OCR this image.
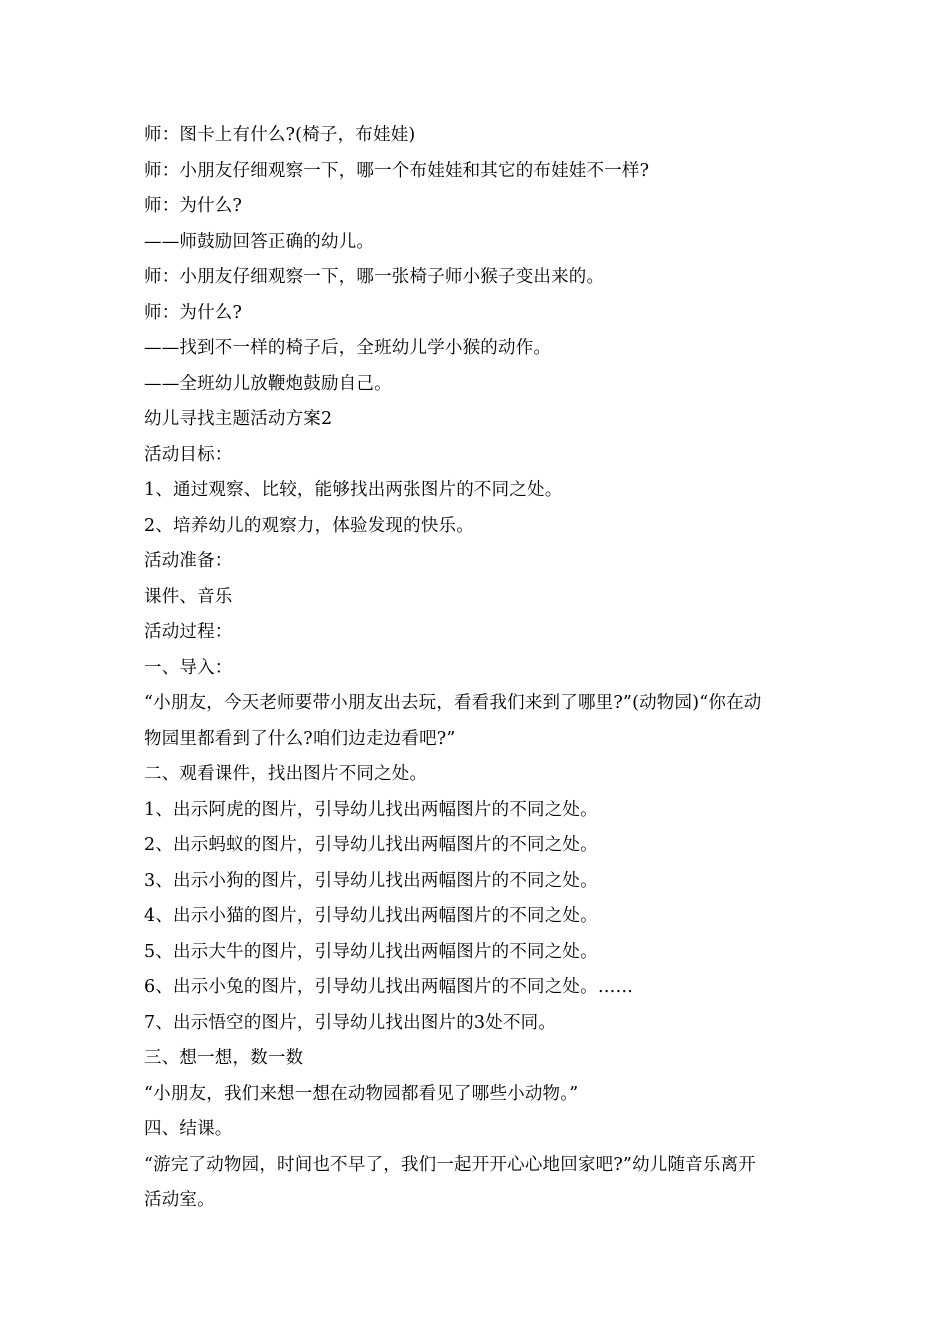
师：图卡上有什么?(椅子，布娃娃)
师：小朋友仔细观察一下，哪一个布娃娃和其它的布娃娃不一样?
师：为什么?
——师鼓励回答正确的幼儿。
师：小朋友仔细观察一下，哪一张椅子师小猴子变出来的。
师：为什么?
——找到不一样的椅子后，全班幼儿学小猴的动作。
——全班幼儿放鞭炮鼓励自己。
幼儿寻找主题活动方案2
活动目标：
1、通过观察、比较，能够找出两张图片的不同之处。
2、培养幼儿的观察力，体验发现的快乐。
活动准备：
课件、音乐
活动过程：
一、导入：
“小朋友，今天老师要带小朋友出去玩，看看我们来到了哪里?”(动物园)“你在动
物园里都看到了什么?咱们边走边看吧?”
二、观看课件，找出图片不同之处。
1、出示阿虎的图片，引导幼儿找出两幅图片的不同之处。
2、出示蚂蚁的图片，引导幼儿找出两幅图片的不同之处。
3、出示小狗的图片，引导幼儿找出两幅图片的不同之处。
4、出示小猫的图片，引导幼儿找出两幅图片的不同之处。
5、出示大牛的图片，引导幼儿找出两幅图片的不同之处。
6、出示小兔的图片，引导幼儿找出两幅图片的不同之处。……
7、出示悟空的图片，引导幼儿找出图片的3处不同。
三、想一想，数一数
“小朋友，我们来想一想在动物园都看见了哪些小动物。”
四、结课。
“游完了动物园，时间也不早了，我们一起开开心心地回家吧?”幼儿随音乐离开
活动室。
